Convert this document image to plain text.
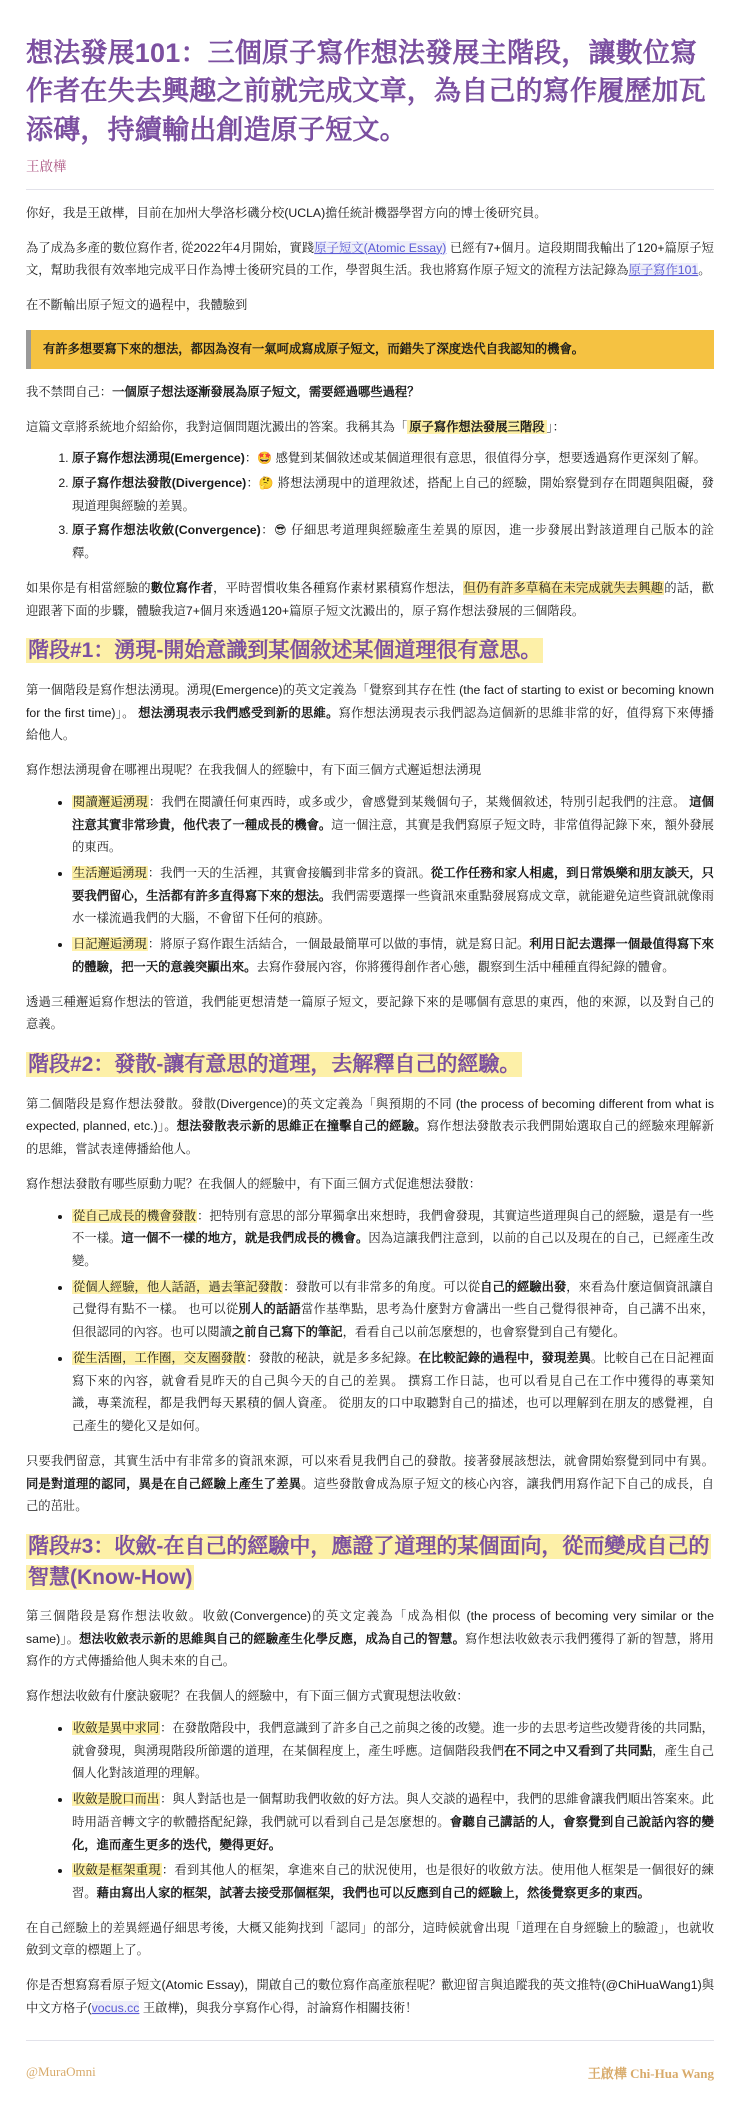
想法發展101：三個原子寫作想法發展主階段，讓數位寫作者在失去興趣之前就完成文章，為自己的寫作履歷加瓦添磚，持續輸出創造原子短文。
王啟樺

你好，我是王啟樺，目前在加州大學洛杉磯分校(UCLA)擔任統計機器學習方向的博士後研究員。

為了成為多產的數位寫作者, 從2022年4月開始，實踐原子短文(Atomic Essay) 已經有7+個月。這段期間我輸出了120+篇原子短文，幫助我很有效率地完成平日作為博士後研究員的工作，學習與生活。我也將寫作原子短文的流程方法記錄為原子寫作101。

在不斷輸出原子短文的過程中，我體驗到

有許多想要寫下來的想法，都因為沒有一氣呵成寫成原子短文，而錯失了深度迭代自我認知的機會。

我不禁問自己：一個原子想法逐漸發展為原子短文，需要經過哪些過程？

這篇文章將系統地介紹給你，我對這個問題沈澱出的答案。我稱其為「 原子寫作想法發展三階段 」：

1. 原子寫作想法湧現(Emergence)：🤩 感覺到某個敘述或某個道理很有意思，很值得分享，想要透過寫作更深刻了解。
2. 原子寫作想法發散(Divergence)：🤔 將想法湧現中的道理敘述，搭配上自己的經驗，開始察覺到存在問題與阻礙，發現道理與經驗的差異。
3. 原子寫作想法收斂(Convergence)：😎 仔細思考道理與經驗產生差異的原因，進一步發展出對該道理自己版本的詮釋。

如果你是有相當經驗的數位寫作者，平時習慣收集各種寫作素材累積寫作想法，但仍有許多草稿在未完成就失去興趣的話，歡迎跟著下面的步驟，體驗我這7+個月來透過120+篇原子短文沈澱出的，原子寫作想法發展的三個階段。

階段#1：湧現-開始意識到某個敘述某個道理很有意思。

第一個階段是寫作想法湧現。湧現(Emergence)的英文定義為「覺察到其存在性 (the fact of starting to exist or becoming known for the first time)」。 想法湧現表示我們感受到新的思維。寫作想法湧現表示我們認為這個新的思維非常的好，值得寫下來傳播給他人。

寫作想法湧現會在哪裡出現呢？在我我個人的經驗中，有下面三個方式邂逅想法湧現

• 閱讀邂逅湧現：我們在閱讀任何東西時，或多或少，會感覺到某幾個句子，某幾個敘述，特別引起我們的注意。 這個注意其實非常珍貴，他代表了一種成長的機會。這一個注意，其實是我們寫原子短文時，非常值得記錄下來，額外發展的東西。
• 生活邂逅湧現：我們一天的生活裡，其實會接觸到非常多的資訊。從工作任務和家人相處，到日常娛樂和朋友談天，只要我們留心，生活都有許多直得寫下來的想法。我們需要選擇一些資訊來重點發展寫成文章，就能避免這些資訊就像雨水一樣流過我們的大腦，不會留下任何的痕跡。
• 日記邂逅湧現：將原子寫作跟生活結合，一個最最簡單可以做的事情，就是寫日記。利用日記去選擇一個最值得寫下來的體驗，把一天的意義突顯出來。去寫作發展內容，你將獲得創作者心態，觀察到生活中種種直得紀錄的體會。

透過三種邂逅寫作想法的管道，我們能更想清楚一篇原子短文，要記錄下來的是哪個有意思的東西，他的來源，以及對自己的意義。

階段#2：發散-讓有意思的道理，去解釋自己的經驗。

第二個階段是寫作想法發散。發散(Divergence)的英文定義為「與預期的不同 (the process of becoming different from what is expected, planned, etc.)」。想法發散表示新的思維正在撞擊自己的經驗。寫作想法發散表示我們開始選取自己的經驗來理解新的思維，嘗試表達傳播給他人。

寫作想法發散有哪些原動力呢？在我個人的經驗中，有下面三個方式促進想法發散：

• 從自己成長的機會發散：把特別有意思的部分單獨拿出來想時，我們會發現，其實這些道理與自己的經驗，還是有一些不一樣。這一個不一樣的地方，就是我們成長的機會。因為這讓我們注意到，以前的自己以及現在的自己，已經產生改變。
• 從個人經驗，他人話語，過去筆記發散：發散可以有非常多的角度。可以從自己的經驗出發，來看為什麼這個資訊讓自己覺得有點不一樣。 也可以從別人的話語當作基準點，思考為什麼對方會講出一些自己覺得很神奇，自己講不出來，但很認同的內容。也可以閱讀之前自己寫下的筆記，看看自己以前怎麼想的，也會察覺到自己有變化。
• 從生活圈，工作圈，交友圈發散：發散的秘訣，就是多多紀錄。在比較記錄的過程中，發現差異。比較自己在日記裡面寫下來的內容，就會看見昨天的自己與今天的自己的差異。 撰寫工作日誌，也可以看見自己在工作中獲得的專業知識，專業流程，都是我們每天累積的個人資產。 從朋友的口中取聽對自己的描述，也可以理解到在朋友的感覺裡，自己產生的變化又是如何。

只要我們留意，其實生活中有非常多的資訊來源，可以來看見我們自己的發散。接著發展該想法，就會開始察覺到同中有異。同是對道理的認同，異是在自己經驗上產生了差異。這些發散會成為原子短文的核心內容，讓我們用寫作記下自己的成長，自己的茁壯。

階段#3：收斂-在自己的經驗中，應證了道理的某個面向，從而變成自己的智慧(Know-How)

第三個階段是寫作想法收斂。收斂(Convergence)的英文定義為「成為相似 (the process of becoming very similar or the same)」。想法收斂表示新的思維與自己的經驗產生化學反應，成為自己的智慧。寫作想法收斂表示我們獲得了新的智慧，將用寫作的方式傳播給他人與未來的自己。

寫作想法收斂有什麼訣竅呢？在我個人的經驗中，有下面三個方式實現想法收斂：

• 收斂是異中求同：在發散階段中，我們意識到了許多自己之前與之後的改變。進一步的去思考這些改變背後的共同點，就會發現，與湧現階段所節選的道理，在某個程度上，產生呼應。這個階段我們在不同之中又看到了共同點，產生自己個人化對該道理的理解。
• 收斂是脫口而出：與人對話也是一個幫助我們收斂的好方法。與人交談的過程中，我們的思維會讓我們順出答案來。此時用語音轉文字的軟體搭配紀錄，我們就可以看到自己是怎麼想的。會聽自己講話的人，會察覺到自己說話內容的變化，進而產生更多的迭代，變得更好。
• 收斂是框架重現：看到其他人的框架，拿進來自己的狀況使用，也是很好的收斂方法。使用他人框架是一個很好的練習。藉由寫出人家的框架，試著去接受那個框架，我們也可以反應到自己的經驗上，然後覺察更多的東西。

在自己經驗上的差異經過仔細思考後，大概又能夠找到「認同」的部分，這時候就會出現「道理在自身經驗上的驗證」，也就收斂到文章的標題上了。

你是否想寫寫看原子短文(Atomic Essay)，開啟自己的數位寫作高產旅程呢？歡迎留言與追蹤我的英文推特(@ChiHuaWang1)與中文方格子(vocus.cc 王啟樺)，與我分享寫作心得，討論寫作相關技術！

@MuraOmni	王啟樺 Chi-Hua Wang
